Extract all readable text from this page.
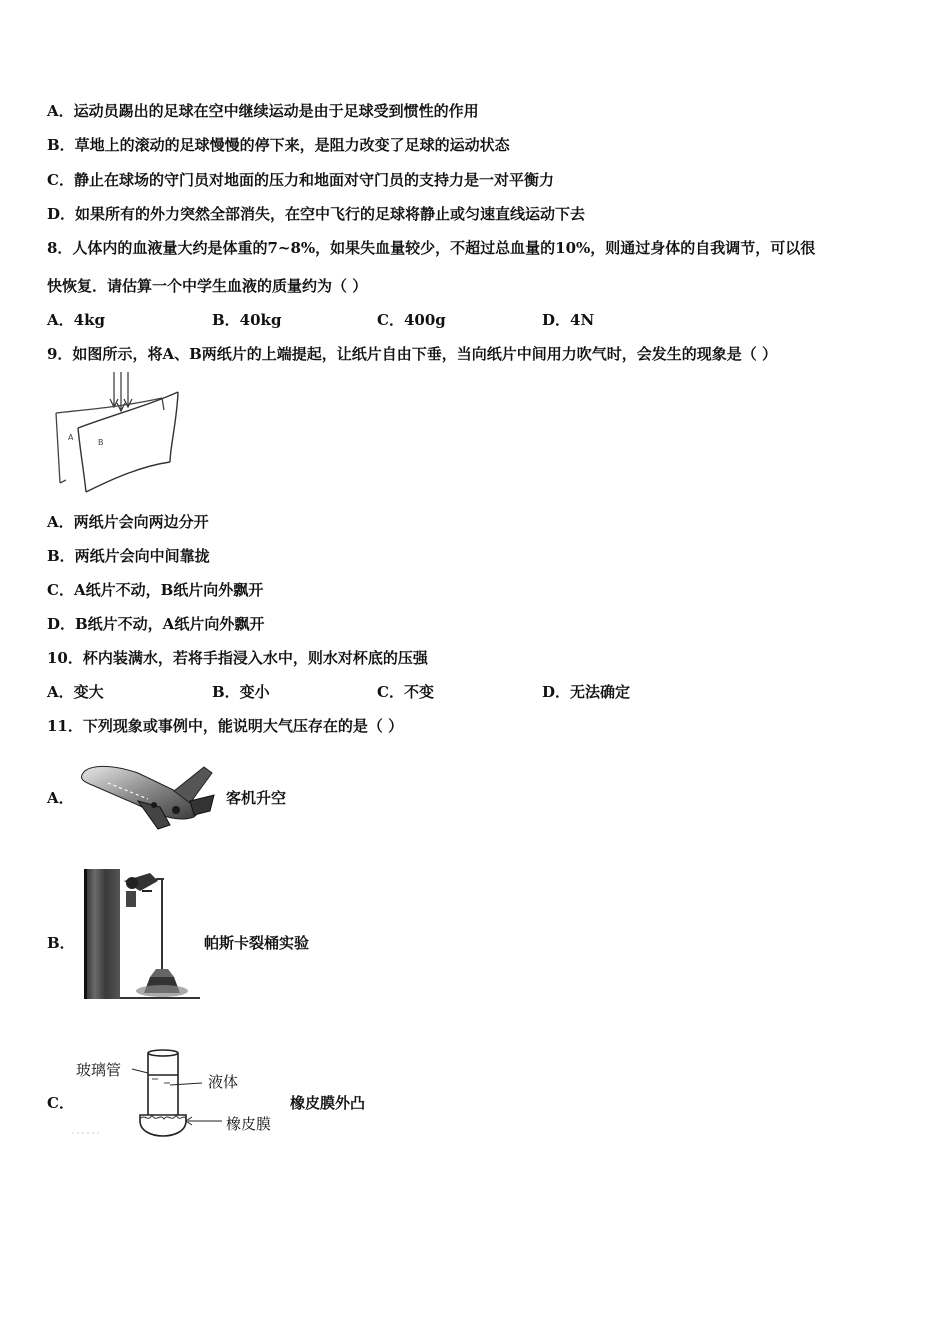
A．运动员踢出的足球在空中继续运动是由于足球受到惯性的作用
B．草地上的滚动的足球慢慢的停下来，是阻力改变了足球的运动状态
C．静止在球场的守门员对地面的压力和地面对守门员的支持力是一对平衡力
D．如果所有的外力突然全部消失，在空中飞行的足球将静止或匀速直线运动下去
8．人体内的血液量大约是体重的7~8%，如果失血量较少，不超过总血量的10%，则通过身体的自我调节，可以很
快恢复．请估算一个中学生血液的质量约为（ ）
A．4kg	B．40kg	C．400g	D．4N
9．如图所示，将A、B两纸片的上端提起，让纸片自由下垂，当向纸片中间用力吹气时，会发生的现象是（ ）
A
B
A．两纸片会向两边分开
B．两纸片会向中间靠拢
C．A纸片不动，B纸片向外飘开
D．B纸片不动，A纸片向外飘开
10．杯内装满水，若将手指浸入水中，则水对杯底的压强
A．变大	B．变小	C．不变	D．无法确定
11．下列现象或事例中，能说明大气压存在的是（ ）
A．	客机升空
B．	帕斯卡裂桶实验
C．
玻璃管
液体
橡皮膜
橡皮膜外凸
